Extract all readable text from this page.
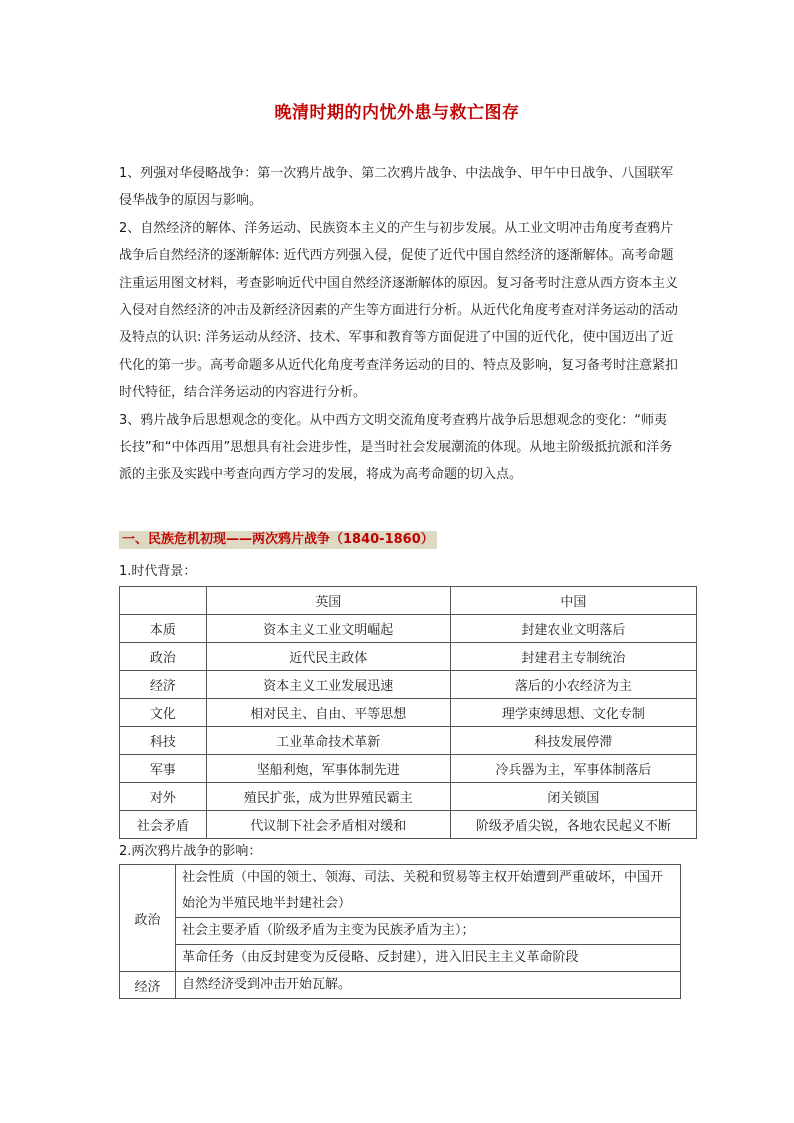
晚清时期的内忧外患与救亡图存

1、列强对华侵略战争：第一次鸦片战争、第二次鸦片战争、中法战争、甲午中日战争、八国联军侵华战争的原因与影响。

2、自然经济的解体、洋务运动、民族资本主义的产生与初步发展。从工业文明冲击角度考查鸦片战争后自然经济的逐渐解体: 近代西方列强入侵，促使了近代中国自然经济的逐渐解体。高考命题注重运用图文材料，考查影响近代中国自然经济逐渐解体的原因。复习备考时注意从西方资本主义入侵对自然经济的冲击及新经济因素的产生等方面进行分析。从近代化角度考查对洋务运动的活动及特点的认识: 洋务运动从经济、技术、军事和教育等方面促进了中国的近代化，使中国迈出了近代化的第一步。高考命题多从近代化角度考查洋务运动的目的、特点及影响，复习备考时注意紧扣时代特征，结合洋务运动的内容进行分析。

3、鸦片战争后思想观念的变化。从中西方文明交流角度考查鸦片战争后思想观念的变化：“师夷长技”和“中体西用”思想具有社会进步性，是当时社会发展潮流的体现。从地主阶级抵抗派和洋务派的主张及实践中考查向西方学习的发展，将成为高考命题的切入点。

一、民族危机初现——两次鸦片战争（1840-1860）
1.时代背景：
	英国	中国
本质	资本主义工业文明崛起	封建农业文明落后
政治	近代民主政体	封建君主专制统治
经济	资本主义工业发展迅速	落后的小农经济为主
文化	相对民主、自由、平等思想	理学束缚思想、文化专制
科技	工业革命技术革新	科技发展停滞
军事	坚船利炮，军事体制先进	冷兵器为主，军事体制落后
对外	殖民扩张，成为世界殖民霸主	闭关锁国
社会矛盾	代议制下社会矛盾相对缓和	阶级矛盾尖锐，各地农民起义不断
2.两次鸦片战争的影响：
政治	社会性质（中国的领土、领海、司法、关税和贸易等主权开始遭到严重破坏，中国开始沦为半殖民地半封建社会）
	社会主要矛盾（阶级矛盾为主变为民族矛盾为主）；
	革命任务（由反封建变为反侵略、反封建），进入旧民主主义革命阶段
经济	自然经济受到冲击开始瓦解。
